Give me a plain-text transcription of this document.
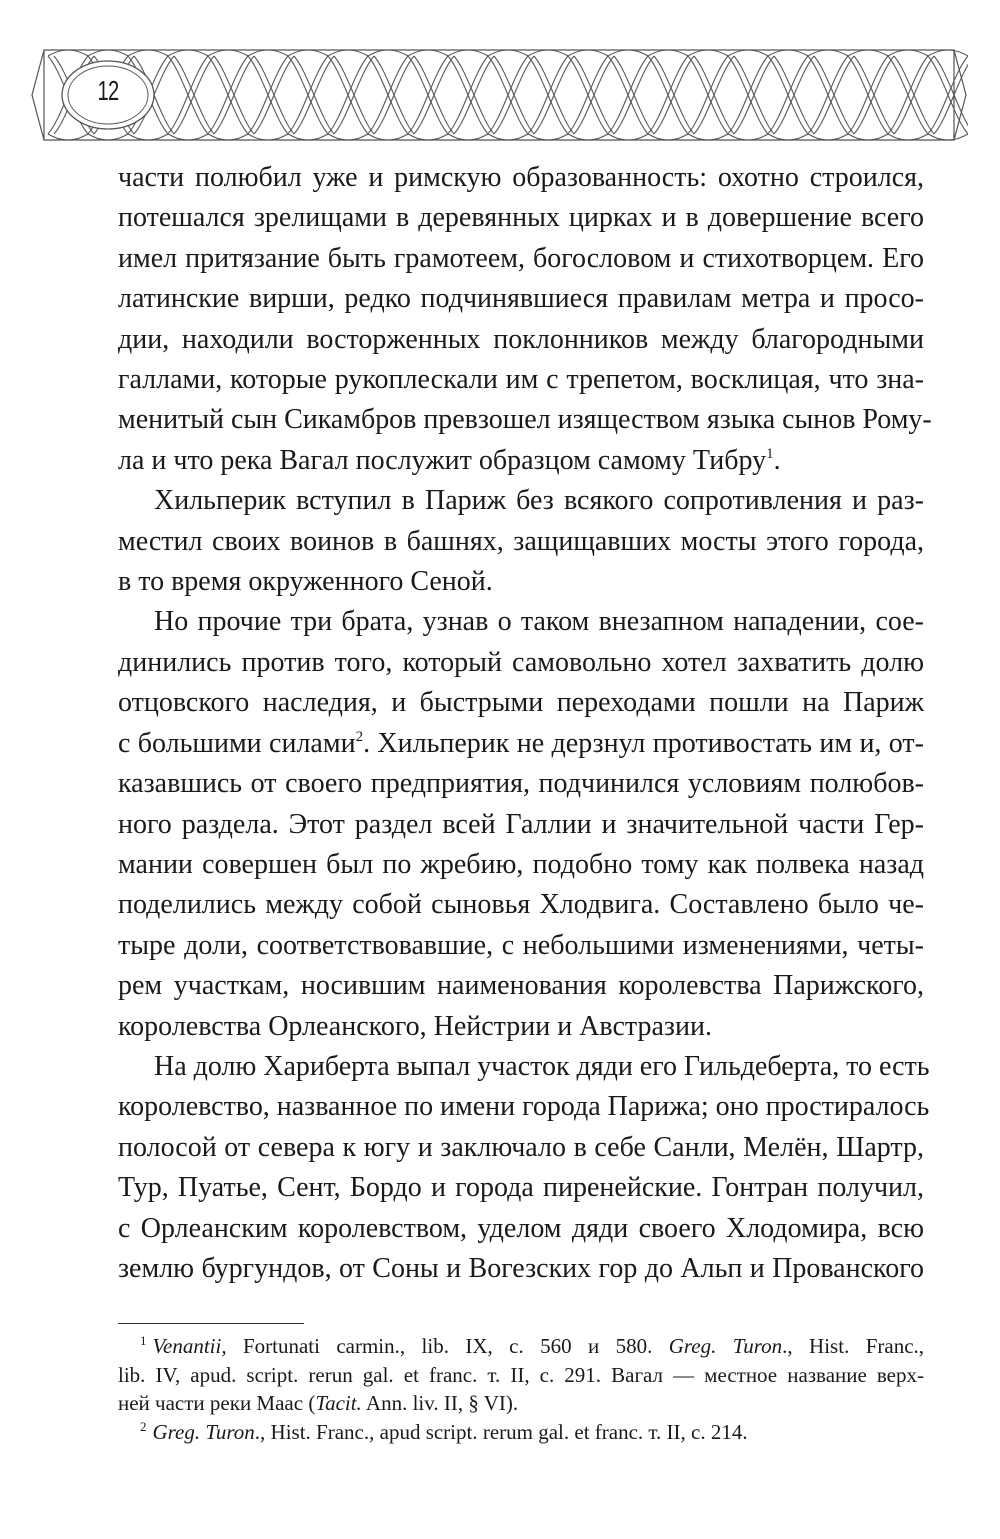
12

части полюбил уже и римскую образованность: охотно строился,
потешался зрелищами в деревянных цирках и в довершение всего
имел притязание быть грамотеем, богословом и стихотворцем. Его
латинские вирши, редко подчинявшиеся правилам метра и просо-
дии, находили восторженных поклонников между благородными
галлами, которые рукоплескали им с трепетом, восклицая, что зна-
менитый сын Сикамбров превзошел изяществом языка сынов Рому-
ла и что река Вагал послужит образцом самому Тибру$^1$.

Хильперик вступил в Париж без всякого сопротивления и раз-
местил своих воинов в башнях, защищавших мосты этого города,
в то время окруженного Сеной.

Но прочие три брата, узнав о таком внезапном нападении, сое-
динились против того, который самовольно хотел захватить долю
отцовского наследия, и быстрыми переходами пошли на Париж
с большими силами$^2$. Хильперик не дерзнул противостать им и, от-
казавшись от своего предприятия, подчинился условиям полюбов-
ного раздела. Этот раздел всей Галлии и значительной части Гер-
мании совершен был по жребию, подобно тому как полвека назад
поделились между собой сыновья Хлодвига. Составлено было че-
тыре доли, соответствовавшие, с небольшими изменениями, четы-
рем участкам, носившим наименования королевства Парижского,
королевства Орлеанского, Нейстрии и Австразии.

На долю Хариберта выпал участок дяди его Гильдеберта, то есть
королевство, названное по имени города Парижа; оно простиралось
полосой от севера к югу и заключало в себе Санли, Мелён, Шартр,
Тур, Пуатье, Сент, Бордо и города пиренейские. Гонтран получил,
с Орлеанским королевством, уделом дяди своего Хлодомира, всю
землю бургундов, от Соны и Вогезских гор до Альп и Прованского

$^1$ Venantii, Fortunati carmin., lib. IX, c. 560 и 580. Greg. Turon., Hist. Franc.,
lib. IV, apud. script. rerun gal. et franc. т. II, с. 291. Вагал — местное название верх-
ней части реки Маас (Tacit. Ann. liv. II, § VI).
$^2$ Greg. Turon., Hist. Franc., apud script. rerum gal. et franc. т. II, с. 214.
